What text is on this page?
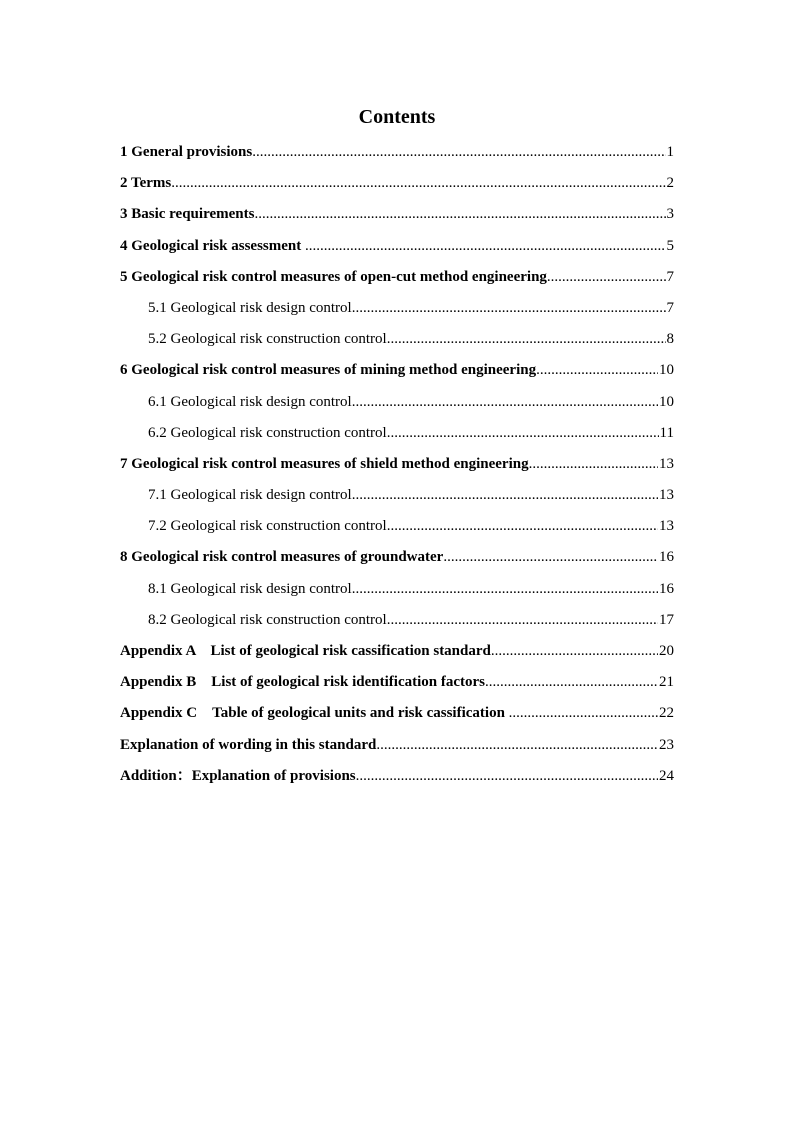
Contents
1 General provisions .....	1
2 Terms .....	2
3 Basic requirements .....	3
4 Geological risk assessment .....	5
5 Geological risk control measures of open-cut method engineering .....	7
5.1 Geological risk design control .....	7
5.2 Geological risk construction control .....	8
6 Geological risk control measures of mining method engineering .....	10
6.1 Geological risk design control .....	10
6.2 Geological risk construction control .....	11
7 Geological risk control measures of shield method engineering .....	13
7.1 Geological risk design control .....	13
7.2 Geological risk construction control .....	13
8 Geological risk control measures of groundwater .....	16
8.1 Geological risk design control .....	16
8.2 Geological risk construction control .....	17
Appendix A　List of geological risk cassification standard .....	20
Appendix B　List of geological risk identification factors .....	21
Appendix C　Table of geological units and risk cassification .....	22
Explanation of wording in this standard .....	23
Addition：Explanation of provisions .....	24
